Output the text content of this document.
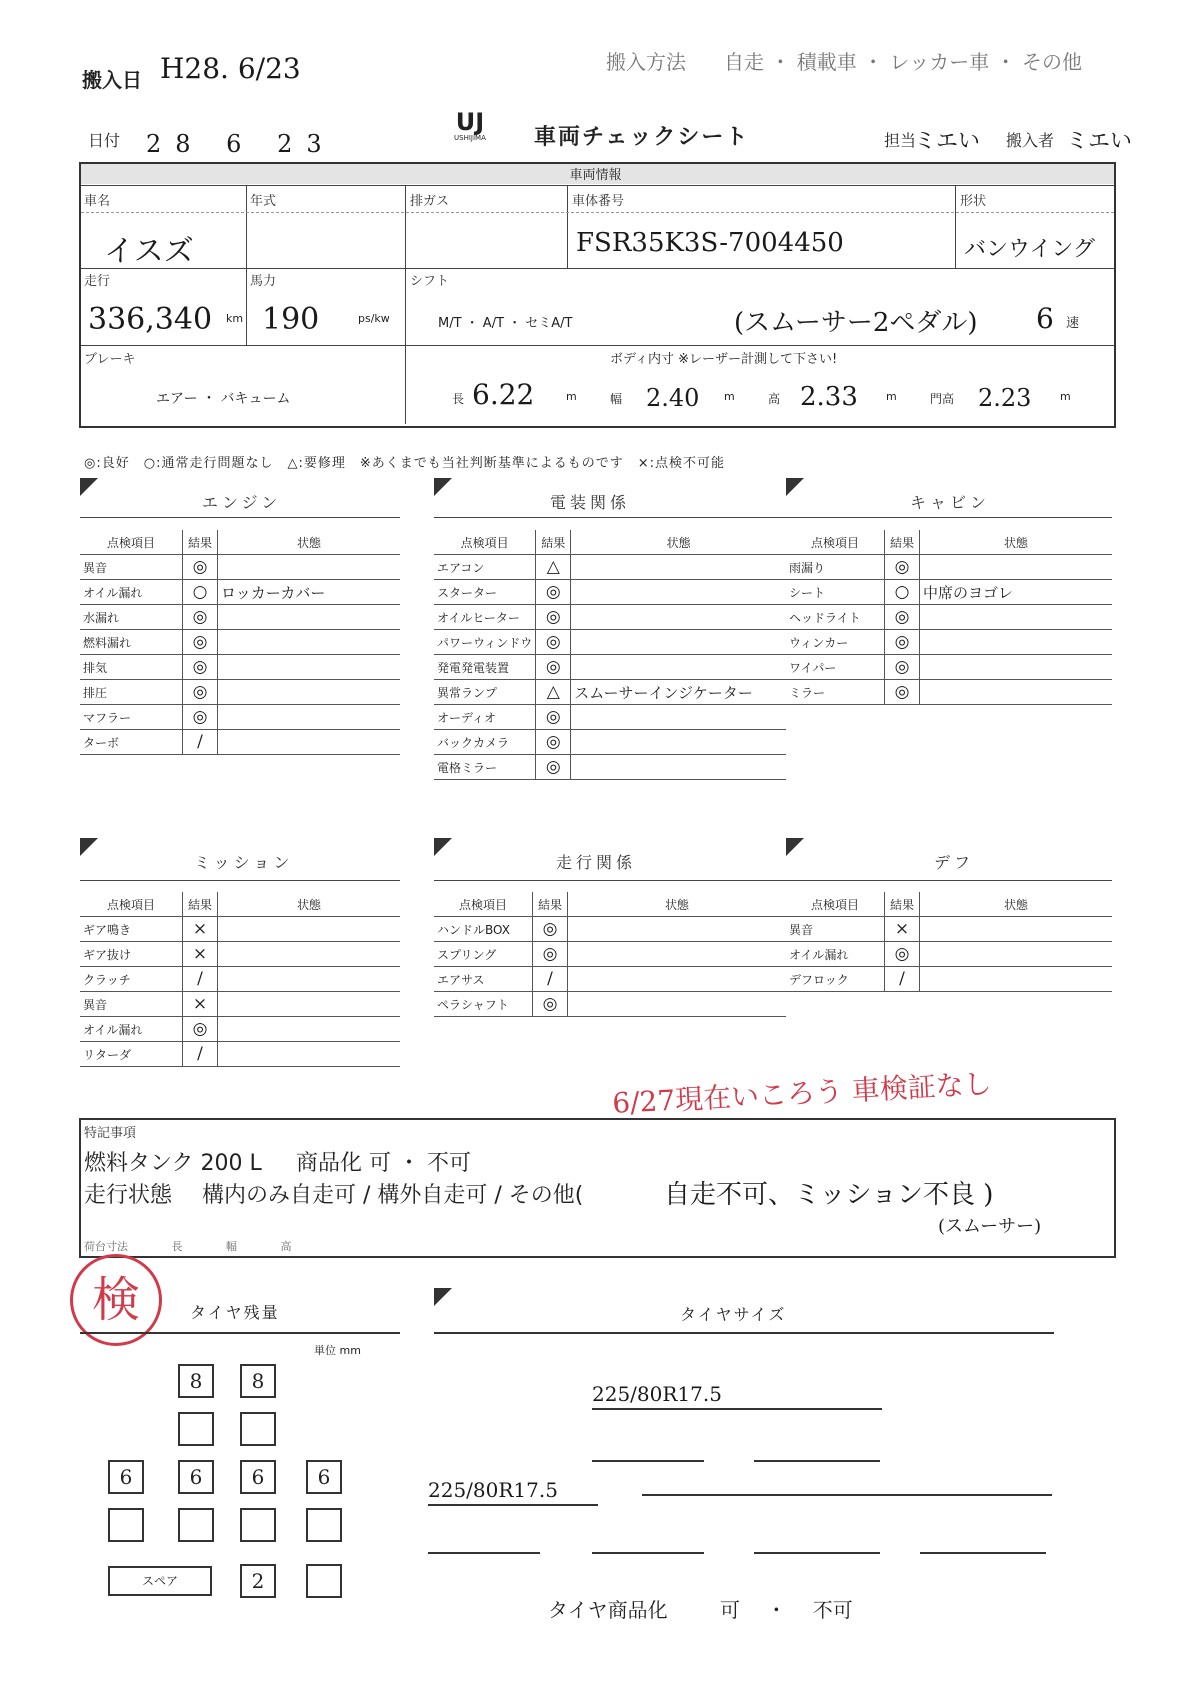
搬入日 H28. 6/23	搬入方法 自走 ・ 積載車 ・ レッカー車 ・ その他
日付 28 6 23
UJ
USHIJIMA 車両チェックシート	担当
ミエい 搬入者 ミエい
車両情報
車名
イスズ
年式	排ガス	車体番号
FSR35K3S-7004450
形状
バンウイング
走行
336,340 km
馬力
190	ps/kw
シフト
M/T ・ A/T ・ セミA/T	(スムーサー2ペダル) 6 速
ブレーキ
エアー ・ バキューム
ボディ内寸 ※レーザー計測して下さい!
長 6.22	m	幅 2.40 m	高 2.33	m	門高 2.23	m
◎:良好　○:通常走行問題なし　△:要修理　※あくまでも当社判断基準によるものです　×:点検不可能
エンジン
点検項目	結果	状態
異音	◎	
オイル漏れ	○	ロッカーカバー
水漏れ	◎	
燃料漏れ	◎	
排気	◎	
排圧	◎	
マフラー	◎	
ターボ	/	
電装関係
点検項目	結果	状態
エアコン	△	
スターター	◎	
オイルヒーター	◎	
パワーウィンドウ	◎	
発電発電装置	◎	
異常ランプ	△	スムーサーインジケーター
オーディオ	◎	
バックカメラ	◎	
電格ミラー	◎	
キャビン
点検項目	結果	状態
雨漏り	◎	
シート	○	中席のヨゴレ
ヘッドライト	◎	
ウィンカー	◎	
ワイパー	◎	
ミラー	◎	
ミッション
点検項目	結果	状態
ギア鳴き	×	
ギア抜け	×	
クラッチ	/	
異音	×	
オイル漏れ	◎	
リターダ	/	
走行関係
点検項目	結果	状態
ハンドルBOX	◎	
スプリング	◎	
エアサス	/	
ペラシャフト	◎	
デフ
点検項目	結果	状態
異音	×	
オイル漏れ	◎	
デフロック	/	
6/27現在いころう 車検証なし
特記事項
燃料タンク 200 L 商品化 可 ・ 不可
走行状態 構内のみ自走可 / 構外自走可 / その他(	自走不可、ミッション不良 )
(スムーサー)
荷台寸法 長 幅 高
検	タイヤ残量
単位 mm
8	8
6	6	6	6
スペア	2
タイヤサイズ
225/80R17.5
225/80R17.5
タイヤ商品化	可 ・ 不可
